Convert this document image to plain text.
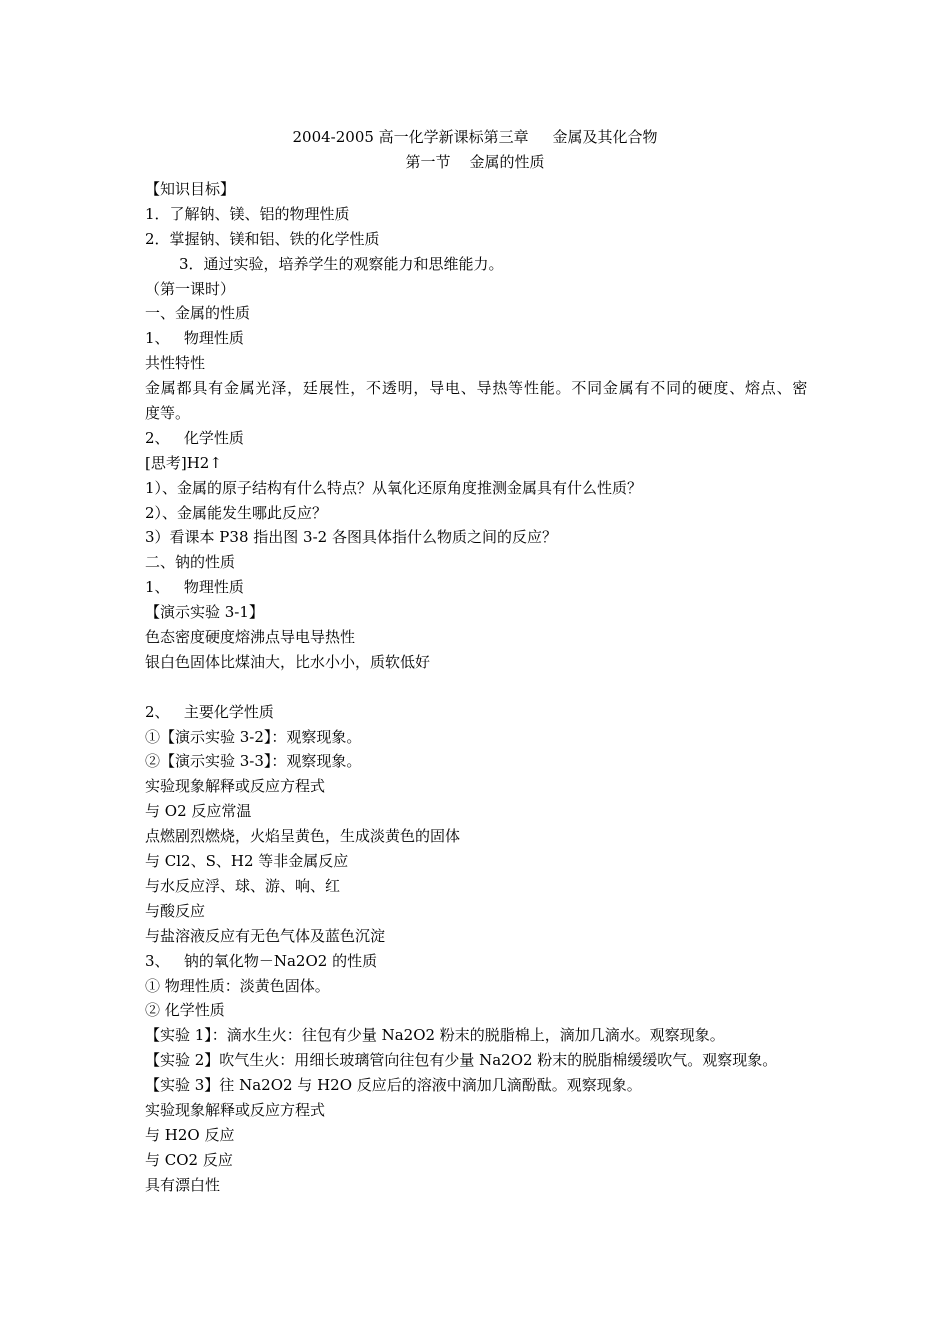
2004-2005 高一化学新课标第三章     金属及其化合物
第一节    金属的性质
【知识目标】
1．了解钠、镁、铝的物理性质
2．掌握钠、镁和铝、铁的化学性质
3．通过实验，培养学生的观察能力和思维能力。
（第一课时）
一、金属的性质
1、   物理性质
共性特性
金属都具有金属光泽，廷展性，不透明，导电、导热等性能。不同金属有不同的硬度、熔点、密
度等。
2、   化学性质
[思考]H2↑
1）、金属的原子结构有什么特点？从氧化还原角度推测金属具有什么性质？
2）、金属能发生哪此反应？
3）看课本 P38 指出图 3-2 各图具体指什么物质之间的反应？
二、钠的性质
1、   物理性质
【演示实验 3-1】
色态密度硬度熔沸点导电导热性
银白色固体比煤油大，比水小小，质软低好
2、   主要化学性质
①【演示实验 3-2】：观察现象。
②【演示实验 3-3】：观察现象。
实验现象解释或反应方程式
与 O2 反应常温
点燃剧烈燃烧，火焰呈黄色，生成淡黄色的固体
与 Cl2、S、H2 等非金属反应
与水反应浮、球、游、响、红
与酸反应
与盐溶液反应有无色气体及蓝色沉淀
3、   钠的氧化物－Na2O2 的性质
① 物理性质：淡黄色固体。
② 化学性质
【实验 1】：滴水生火：往包有少量 Na2O2 粉末的脱脂棉上，滴加几滴水。观察现象。
【实验 2】吹气生火：用细长玻璃管向往包有少量 Na2O2 粉末的脱脂棉缓缓吹气。观察现象。
【实验 3】往 Na2O2 与 H2O 反应后的溶液中滴加几滴酚酞。观察现象。
实验现象解释或反应方程式
与 H2O 反应
与 CO2 反应
具有漂白性
